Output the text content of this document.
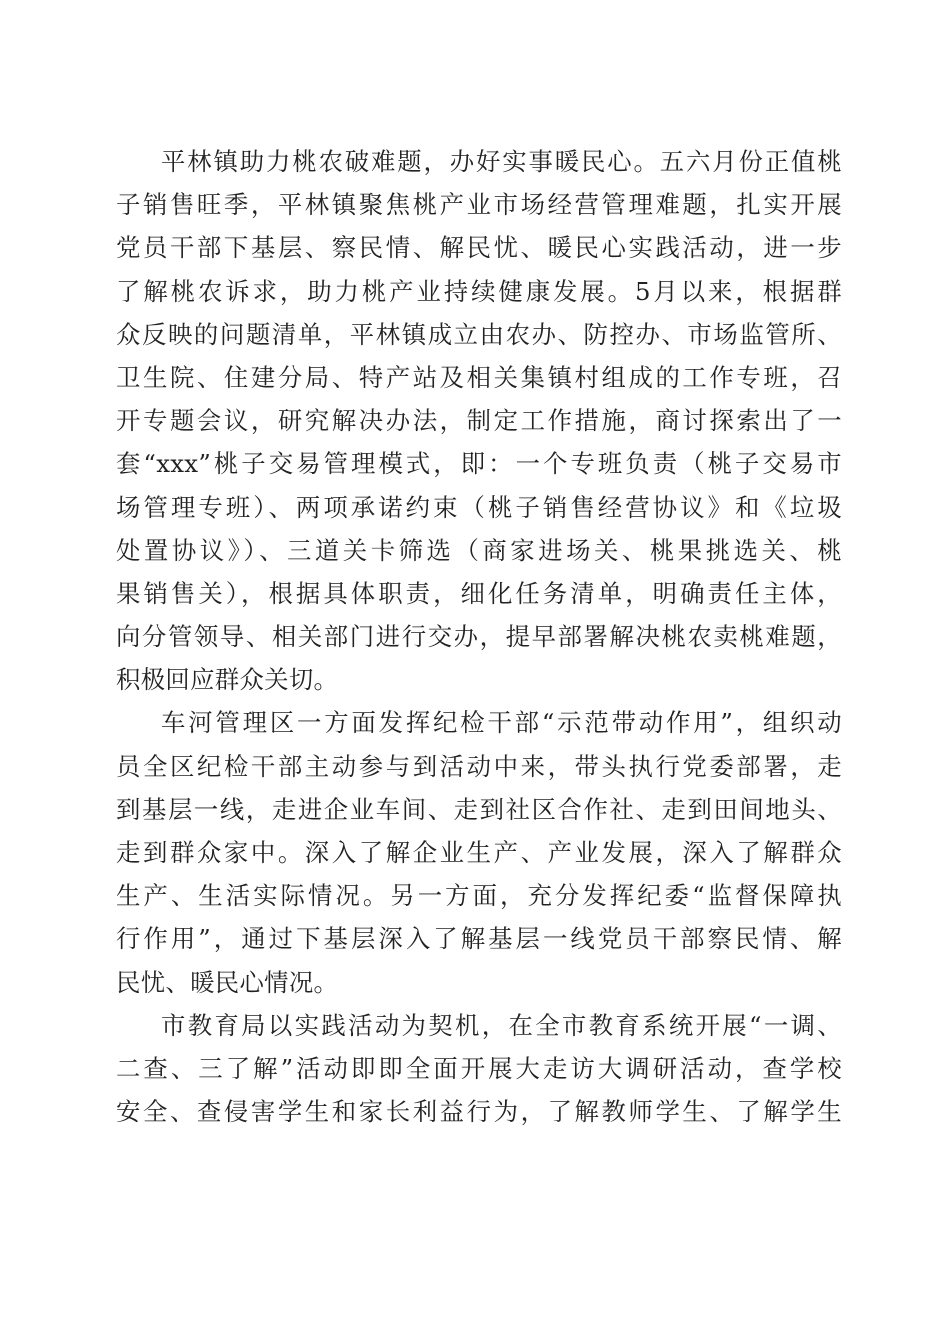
平林镇助力桃农破难题，办好实事暖民心。五六月份正值桃
子销售旺季，平林镇聚焦桃产业市场经营管理难题，扎实开展
党员干部下基层、察民情、解民忧、暖民心实践活动，进一步
了解桃农诉求，助力桃产业持续健康发展。5月以来，根据群
众反映的问题清单，平林镇成立由农办、防控办、市场监管所、
卫生院、住建分局、特产站及相关集镇村组成的工作专班，召
开专题会议，研究解决办法，制定工作措施，商讨探索出了一
套“xxx”桃子交易管理模式，即：一个专班负责（桃子交易市
场管理专班）、两项承诺约束（桃子销售经营协议》和《垃圾
处置协议》）、三道关卡筛选（商家进场关、桃果挑选关、桃
果销售关），根据具体职责，细化任务清单，明确责任主体，
向分管领导、相关部门进行交办，提早部署解决桃农卖桃难题，
积极回应群众关切。
车河管理区一方面发挥纪检干部“示范带动作用”，组织动
员全区纪检干部主动参与到活动中来，带头执行党委部署，走
到基层一线，走进企业车间、走到社区合作社、走到田间地头、
走到群众家中。深入了解企业生产、产业发展，深入了解群众
生产、生活实际情况。另一方面，充分发挥纪委“监督保障执
行作用”，通过下基层深入了解基层一线党员干部察民情、解
民忧、暖民心情况。
市教育局以实践活动为契机，在全市教育系统开展“一调、
二查、三了解”活动即即全面开展大走访大调研活动，查学校
安全、查侵害学生和家长利益行为，了解教师学生、了解学生
